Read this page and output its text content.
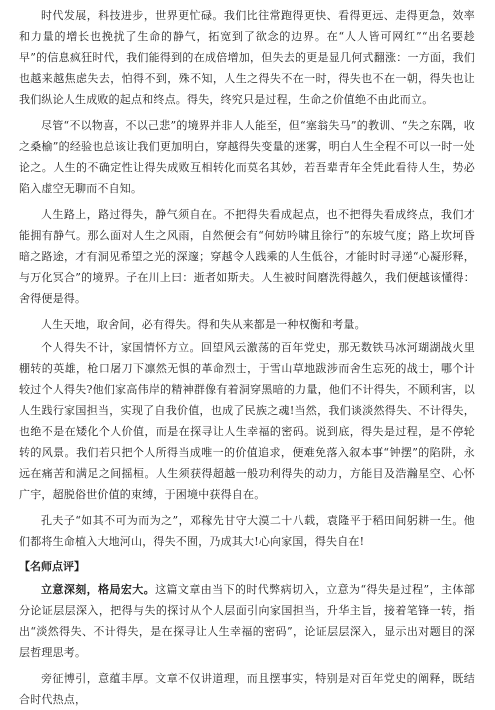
时代发展，科技进步，世界更忙碌。我们比往常跑得更快、看得更远、走得更急，效率和力量的增长也挽扰了生命的静气，拓宽到了欲念的边界。在“人人皆可网红”“出名要趁早”的信息疯狂时代，我们能得到的在成倍增加，但失去的更是显几何式翻涨：一方面，我们也越来越焦虑失去，怕得不到，殊不知，人生之得失不在一时，得失也不在一朝，得失也让我们纵论人生成败的起点和终点。得失，终究只是过程，生命之价值绝不由此而立。

尽管“不以物喜，不以己悲”的境界并非人人能至，但“塞翁失马”的教训、“失之东隅，收之桑榆”的经验也总该让我们更加明白，穿越得失变量的迷雾，明白人生全程不可以一时一处论之。人生的不确定性让得失成败互相转化而莫名其妙，若吾辈青年全凭此看待人生，势必陷入虚空无聊而不自知。

人生路上，路过得失，静气须自在。不把得失看成起点，也不把得失看成终点，我们才能拥有静气。那么面对人生之风雨，自然便会有“何妨吟啸且徐行”的东坡气度；路上坎坷昏暗之路途，才有洞见希望之光的深邃；穿越令人践乘的人生低谷，才能时时寻递“心凝形释，与万化冥合”的境界。子在川上曰：逝者如斯夫。人生被时间磨洗得越久，我们便越该懂得：舍得便是得。

人生天地，取舍间，必有得失。得和失从来都是一种权衡和考量。

个人得失不计，家国情怀方立。回望风云激荡的百年党史，那无数铁马冰河瑚湖战火里棚转的英雄，枪口屠刀下凛然无惧的革命烈士，于雪山草地跋涉而舍生忘死的战士，哪个计较过个人得失?他们家高伟岸的精神群像有着洞穿黑暗的力量，他们不计得失，不顾利害，以人生践行家国担当，实现了自我价值，也成了民族之魂!当然，我们谈淡然得失、不计得失，也绝不是在矮化个人价值，而是在探寻让人生幸福的密码。说到底，得失是过程，是不停轮转的风景。我们若只把个人所得当成唯一的价值追求，便难免落入叙本事“钟摆”的陷阱，永远在痛苦和满足之间摇桓。人生须获得超越一般功利得失的动力，方能目及浩瀚星空、心怀广宇，超脱俗世价值的束缚，于困境中获得自在。

孔夫子“如其不可为而为之”，邓稼先甘守大漠二十八载，袁隆平于稻田间躬耕一生。他们都将生命植入大地河山，得失不囿，乃成其大!心向家国，得失自在!

【名师点评】

立意深刻，格局宏大。这篇文章由当下的时代弊病切入，立意为“得失是过程”，主体部分论证层层深入，把得与失的探讨从个人层面引向家国担当，升华主旨，接着笔锋一转，指出“淡然得失、不计得失，是在探寻让人生幸福的密码”，论证层层深入，显示出对题目的深层哲理思考。

旁征博引，意蕴丰厚。文章不仅讲道理，而且摆事实，特别是对百年党史的阐释，既结合时代热点，
